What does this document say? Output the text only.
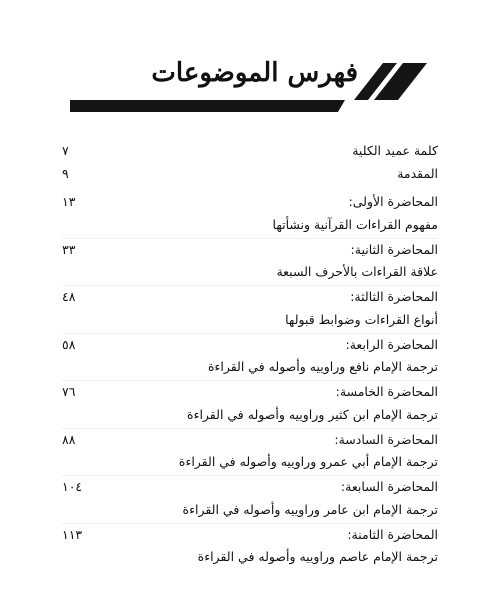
فهرس الموضوعات
كلمة عميد الكلية
٧
المقدمة
٩
المحاضرة الأولى:
١٣
مفهوم القراءات القرآنية ونشأتها
المحاضرة الثانية:
٣٣
علاقة القراءات بالأحرف السبعة
المحاضرة الثالثة:
٤٨
أنواع القراءات وضوابط قبولها
المحاضرة الرابعة:
٥٨
ترجمة الإمام نافع وراوييه وأصوله في القراءة
المحاضرة الخامسة:
٧٦
ترجمة الإمام ابن كثير وراوييه وأصوله في القراءة
المحاضرة السادسة:
٨٨
ترجمة الإمام أبي عمرو وراوييه وأصوله في القراءة
المحاضرة السابعة:
١٠٤
ترجمة الإمام ابن عامر وراوييه وأصوله في القراءة
المحاضرة الثامنة:
١١٣
ترجمة الإمام عاصم وراوييه وأصوله في القراءة
